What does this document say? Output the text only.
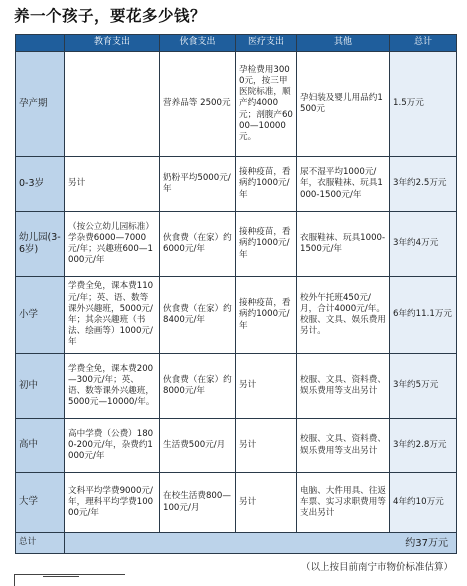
养一个孩子，要花多少钱？
	教育支出	伙食支出	医疗支出	其他	总计
孕产期		营养品等 2500元	孕检费用3000元，按三甲医院标准，顺产约4000元；剖腹产6000—10000元。	孕妇装及婴儿用品约1500元	1.5万元
0-3岁	另计	奶粉平均5000元/年	接种疫苗，看病约1000元/年	尿不湿平均1000元/年，衣服鞋袜、玩具1000-1500元/年	3年约2.5万元
幼儿园(3-6岁)	（按公立幼儿园标准）学杂费6000—7000元/年；兴趣班600—1000元/年	伙食费（在家）约6000元/年	接种疫苗，看病约1000元/年	衣服鞋袜、玩具1000-1500元/年	3年约4万元
小学	学费全免，课本费110元/年；英、语、数等课外兴趣班，5000元/年；其余兴趣班（书法、绘画等）1000元/年	伙食费（在家）约8400元/年	接种疫苗，看病约1000元/年	校外午托班450元/月，合计4000元/年。校服、文具、娱乐费用另计。	6年约11.1万元
初中	学费全免，课本费200—300元/年；英、语、数等课外兴趣班，5000元—10000/年。	伙食费（在家）约8000元/年	另计	校服、文具、资料费、娱乐费用等支出另计	3年约5万元
高中	高中学费（公费）1800-200元/年，杂费约1000元/年	生活费500元/月	另计	校服、文具、资料费、娱乐费用等支出另计	3年约2.8万元
大学	文科平均学费9000元/年，理科平均学费10000元/年	在校生活费800—100元/月	另计	电脑、大件用具、往返车票、实习求职费用等支出另计	4年约10万元
总计	约37万元				
（以上按目前南宁市物价标准估算）
